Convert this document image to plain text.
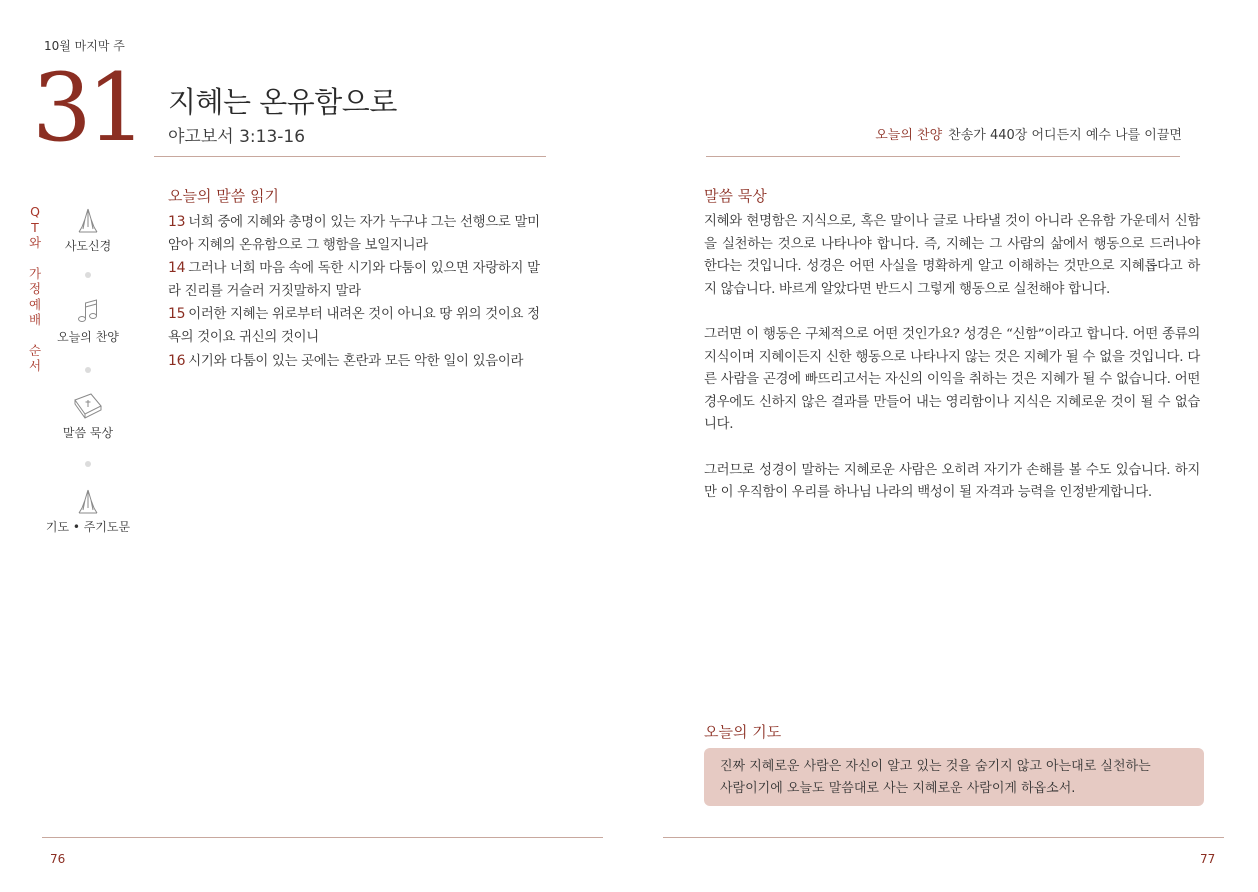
10월 마지막 주
31 지혜는 온유함으로
야고보서 3:13-16	오늘의 찬양 찬송가 440장 어디든지 예수 나를 이끌면
Q
T
와
가
정
예
배
순
서
사도신경
오늘의 찬양
말씀 묵상
기도 • 주기도문
오늘의 말씀 읽기
13 너희 중에 지혜와 총명이 있는 자가 누구냐 그는 선행으로 말미암아 지혜의 온유함으로 그 행함을 보일지니라
14 그러나 너희 마음 속에 독한 시기와 다툼이 있으면 자랑하지 말라 진리를 거슬러 거짓말하지 말라
15 이러한 지혜는 위로부터 내려온 것이 아니요 땅 위의 것이요 정욕의 것이요 귀신의 것이니
16 시기와 다툼이 있는 곳에는 혼란과 모든 악한 일이 있음이라
말씀 묵상

지혜와 현명함은 지식으로, 혹은 말이나 글로 나타낼 것이 아니라 온유함 가운데서 신함을 실천하는 것으로 나타나야 합니다. 즉, 지혜는 그 사람의 삶에서 행동으로 드러나야 한다는 것입니다. 성경은 어떤 사실을 명확하게 알고 이해하는 것만으로 지혜롭다고 하지 않습니다. 바르게 알았다면 반드시 그렇게 행동으로 실천해야 합니다.

그러면 이 행동은 구체적으로 어떤 것인가요? 성경은 “신함”이라고 합니다. 어떤 종류의 지식이며 지혜이든지 신한 행동으로 나타나지 않는 것은 지혜가 될 수 없을 것입니다. 다른 사람을 곤경에 빠뜨리고서는 자신의 이익을 취하는 것은 지혜가 될 수 없습니다. 어떤 경우에도 신하지 않은 결과를 만들어 내는 영리함이나 지식은 지혜로운 것이 될 수 없습니다.

그러므로 성경이 말하는 지혜로운 사람은 오히려 자기가 손해를 볼 수도 있습니다. 하지만 이 우직함이 우리를 하나님 나라의 백성이 될 자격과 능력을 인정받게합니다.

오늘의 기도
진짜 지혜로운 사람은 자신이 알고 있는 것을 숨기지 않고 아는대로 실천하는
사람이기에 오늘도 말씀대로 사는 지혜로운 사람이게 하옵소서.
76	77
